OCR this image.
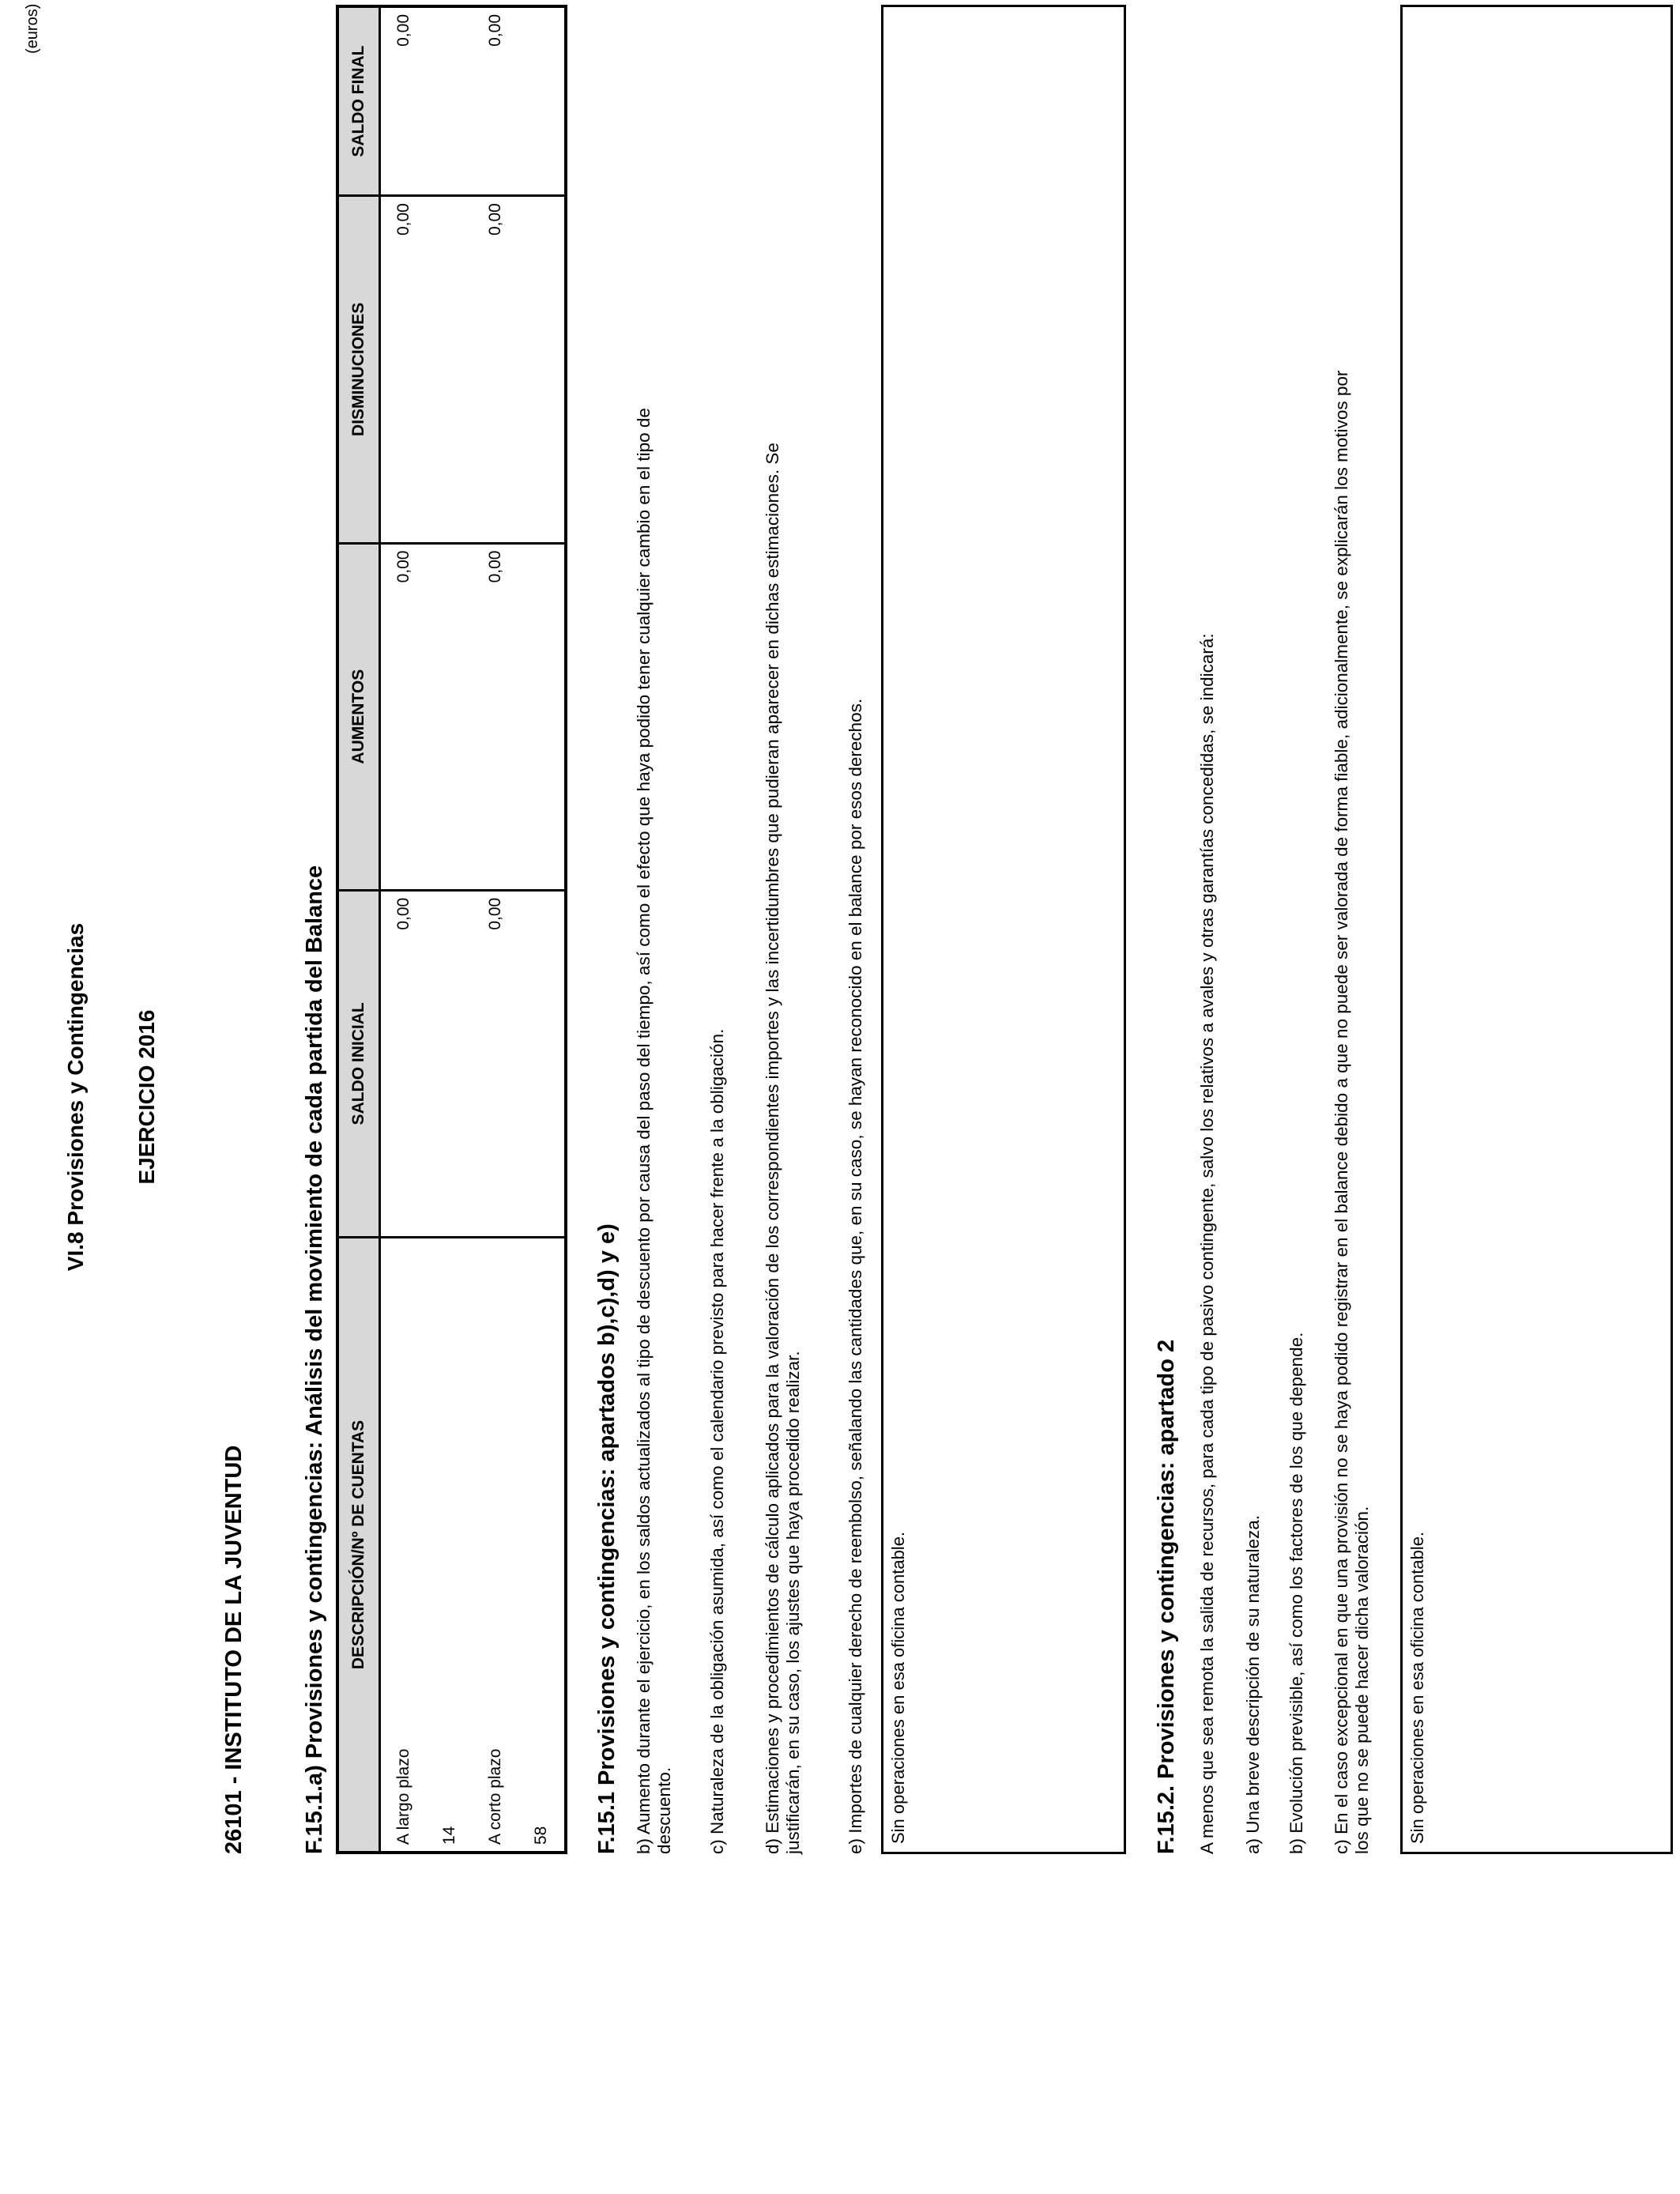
VI.8 Provisiones y Contingencias EJERCICIO 2016
26101 - INSTITUTO DE LA JUVENTUD
(euros)
F.15.1.a) Provisiones y contingencias: Análisis del movimiento de cada partida del Balance DESCRIPCIÓN/Nº DE CUENTAS	SALDO INICIAL	AUMENTOS	DISMINUCIONES	SALDO FINAL

A largo plazo 14	0,00	0,00	0,00	0,00

A corto plazo 58	0,00	0,00	0,00	0,00
F.15.1 Provisiones y contingencias: apartados b),c),d) y e) b) Aumento durante el ejercicio, en los saldos actualizados al tipo de descuento por causa del paso del tiempo, así como el efecto que haya podido tener cualquier cambio en el tipo de descuento. c) Naturaleza de la obligación asumida, así como el calendario previsto para hacer frente a la obligación. d) Estimaciones y procedimientos de cálculo aplicados para la valoración de los correspondientes importes y las incertidumbres que pudieran aparecer en dichas estimaciones. Se justificarán, en su caso, los ajustes que haya procedido realizar. e) Importes de cualquier derecho de reembolso, señalando las cantidades que, en su caso, se hayan reconocido en el balance por esos derechos.	Sin operaciones en esa oficina contable.	F.15.2. Provisiones y contingencias: apartado 2 A menos que sea remota la salida de recursos, para cada tipo de pasivo contingente, salvo los relativos a avales y otras garantías concedidas, se indicará: a) Una breve descripción de su naturaleza. b) Evolución previsible, así como los factores de los que depende. c) En el caso excepcional en que una provisión no se haya podido registrar en el balance debido a que no puede ser valorada de forma fiable, adicionalmente, se explicarán los motivos por los que no se puede hacer dicha valoración.	Sin operaciones en esa oficina contable.
